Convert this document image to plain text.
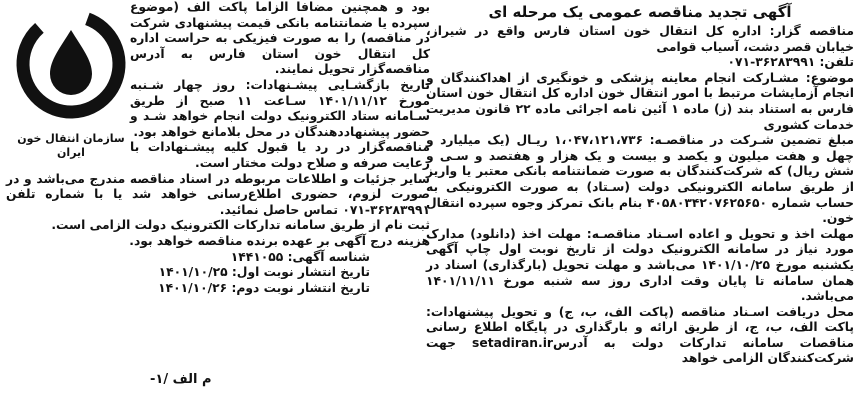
آگهی تجدید مناقصه عمومی یک مرحله ای

مناقصه گزار: اداره کل انتقال خون استان فارس واقع در شیراز، خیابان قصر دشت، آسیاب قوامی

تلفن: ۳۶۲۸۳۹۹۱-۰۷۱

موضوع: مشـارکت انجام معاینه پزشکی و خونگیری از اهداکنندگان و انجام آزمایشات مرتبط با امور انتقال خون اداره کل انتقال خون استان فارس به استناد بند (ز) ماده ۱ آئین نامه اجرائی ماده ۲۲ قانون مدیریت خدمات کشوری

مبلغ تضمین شـرکت در مناقصـه: ۱،۰۴۷،۱۲۱،۷۳۶ ریـال (یک میلیارد و چهل و هفت میلیون و یکصد و بیست و یک هزار و هفتصد و سـی و شش ریال) که شرکت‌کنندگان به صورت ضمانتنامه بانکی معتبر یا واریز از طریق سامانه الکترونیکی دولت (سـتاد) به صورت الکترونیکی به حساب شماره ۴۰۵۸۰۳۴۲۰۷۶۲۵۶۵۰ بنام بانک تمرکز وجوه سپرده انتقال خون.

مهلت اخذ و تحویل و اعاده اسـناد مناقصـه: مهلت اخذ (دانلود) مدارک مورد نیاز در سامانه الکترونیک دولت از تاریخ نوبت اول چاپ آگهی یکشنبه مورخ ۱۴۰۱/۱۰/۲۵ می‌باشد و مهلت تحویل (بارگذاری) اسناد در همان سامانه تا پایان وقت اداری روز سه شنبه مورخ ۱۴۰۱/۱۱/۱۱ می‌باشد.

محل دریافت اسـناد مناقصه (پاکت الف، ب، ج) و تحویل پیشنهادات: پاکت الف، ب، ج، از طریق ارائه و بارگذاری در پایگاه اطلاع رسانی مناقصات سامانه تدارکات دولت به آدرس‌setadiran.ir جهت شرکت‌کنندگان الزامی خواهد

بود و همچنین مضافا الزاما پاکت الف (موضوع سپرده یا ضمانتنامه بانکی قیمت پیشنهادی شرکت در مناقصه) را به صورت فیزیکی به حراست اداره کل انتقال خون استان فارس به آدرس مناقصه‌گزار تحویل نمایند.

تاریخ بازگشـایی پیشـنهادات: روز چهار شـنبه مورخ ۱۴۰۱/۱۱/۱۲ سـاعت ۱۱ صبح از طریق سـامانه ستاد الکترونیک دولت انجام خواهد شـد و حضور پیشنهاددهندگان در محل بلامانع خواهد بود.

مناقصه‌گزار در رد یا قبول کلیه پیشـنهادات با رعایت صرفه و صلاح دولت مختار است.

سایر جزئیات و اطلاعات مربوطه در اسناد مناقصه مندرج می‌باشد و در صورت لزوم، حضوری اطلاع‌رسانی خواهد شد یا با شماره تلفن ۳۶۲۸۳۹۹۱-۰۷۱ تماس حاصل نمائید.

ثبت نام از طریق سامانه تدارکات الکترونیک دولت الزامی است.

هزینه درج آگهی بر عهده برنده مناقصه خواهد بود.

شناسه آگهی: ۱۴۴۱۰۵۵

تاریخ انتشار نوبت اول: ۱۴۰۱/۱۰/۲۵

تاریخ انتشار نوبت دوم: ۱۴۰۱/۱۰/۲۶

سازمان انتقال خون ایران
م الف /۱-
